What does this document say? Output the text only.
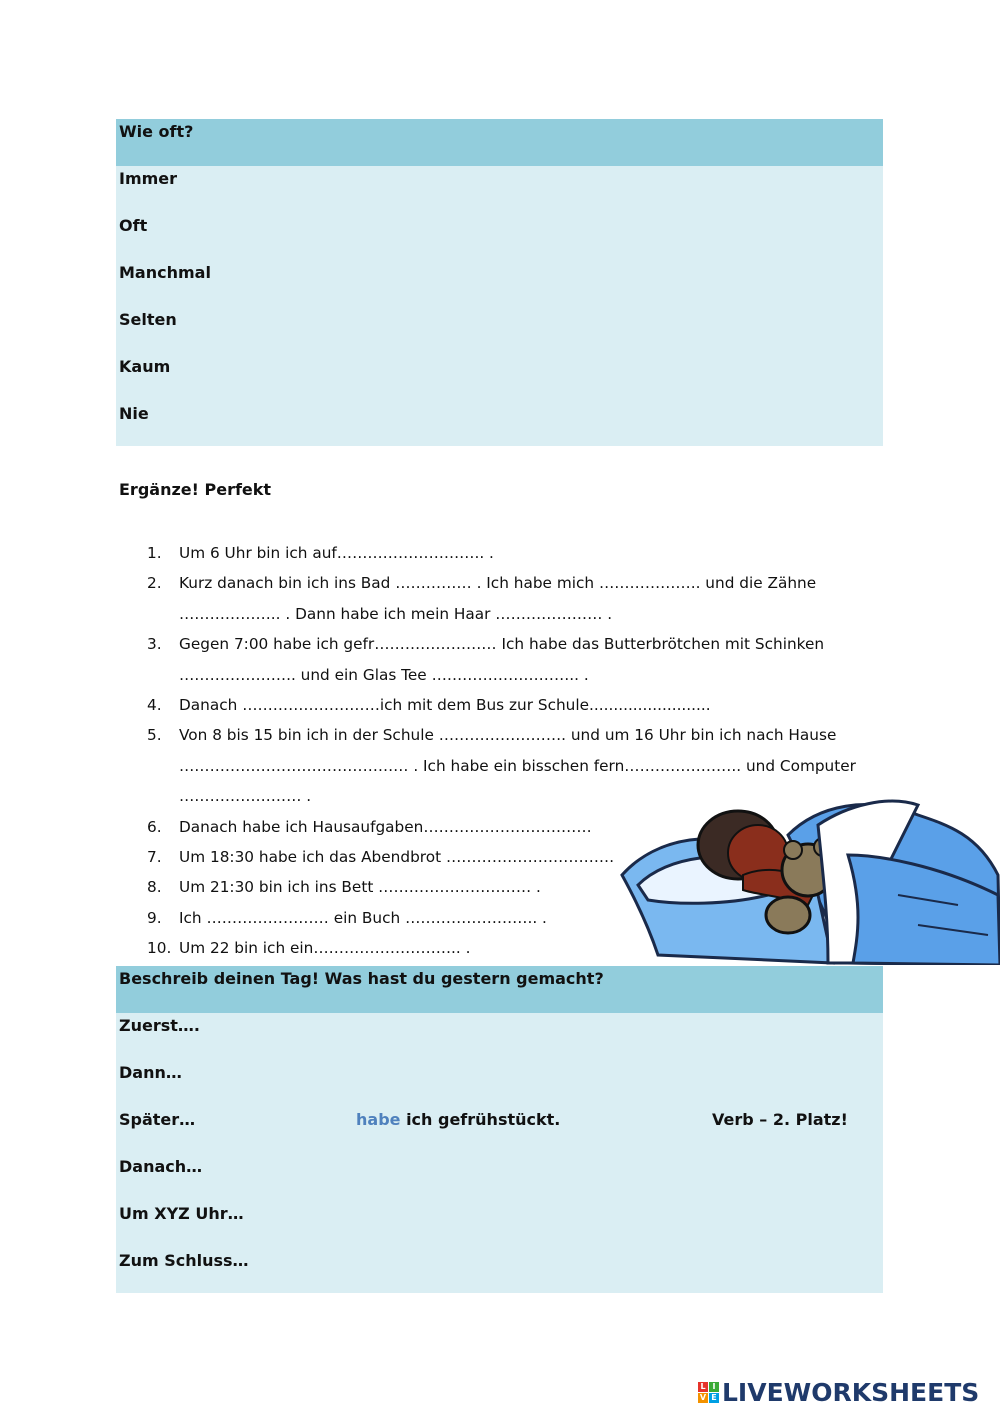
Wie oft?
Immer
Oft
Manchmal
Selten
Kaum
Nie
Ergänze! Perfekt
1.	Um 6 Uhr bin ich auf……………………….. .
2.	Kurz danach bin ich ins Bad …………… . Ich habe mich ……………….. und die Zähne
……………….. . Dann habe ich mein Haar ………………… .
3.	Gegen 7:00 habe ich gefr…………………… Ich habe das Butterbrötchen mit Schinken
………………….. und ein Glas Tee ……………………….. .
4.	Danach ………………………ich mit dem Bus zur Schule.........................
5.	Von 8 bis 15 bin ich in der Schule ……………………. und um 16 Uhr bin ich nach Hause
……………………………………… . Ich habe ein bisschen fern………………….. und Computer
…………………… .
6.	Danach habe ich Hausaufgaben……………………………
7.	Um 18:30 habe ich das Abendbrot ……………………………
8.	Um 21:30 bin ich ins Bett ………………………… .
9.	Ich …………………… ein Buch …………………….. .
10. Um 22 bin ich ein……………………….. .
Beschreib deinen Tag! Was hast du gestern gemacht?
Zuerst….
Dann…
Später…	habe ich gefrühstückt.	Verb – 2. Platz!
Danach…
Um XYZ Uhr…
Zum Schluss…
L I
V E LIVEWORKSHEETS
